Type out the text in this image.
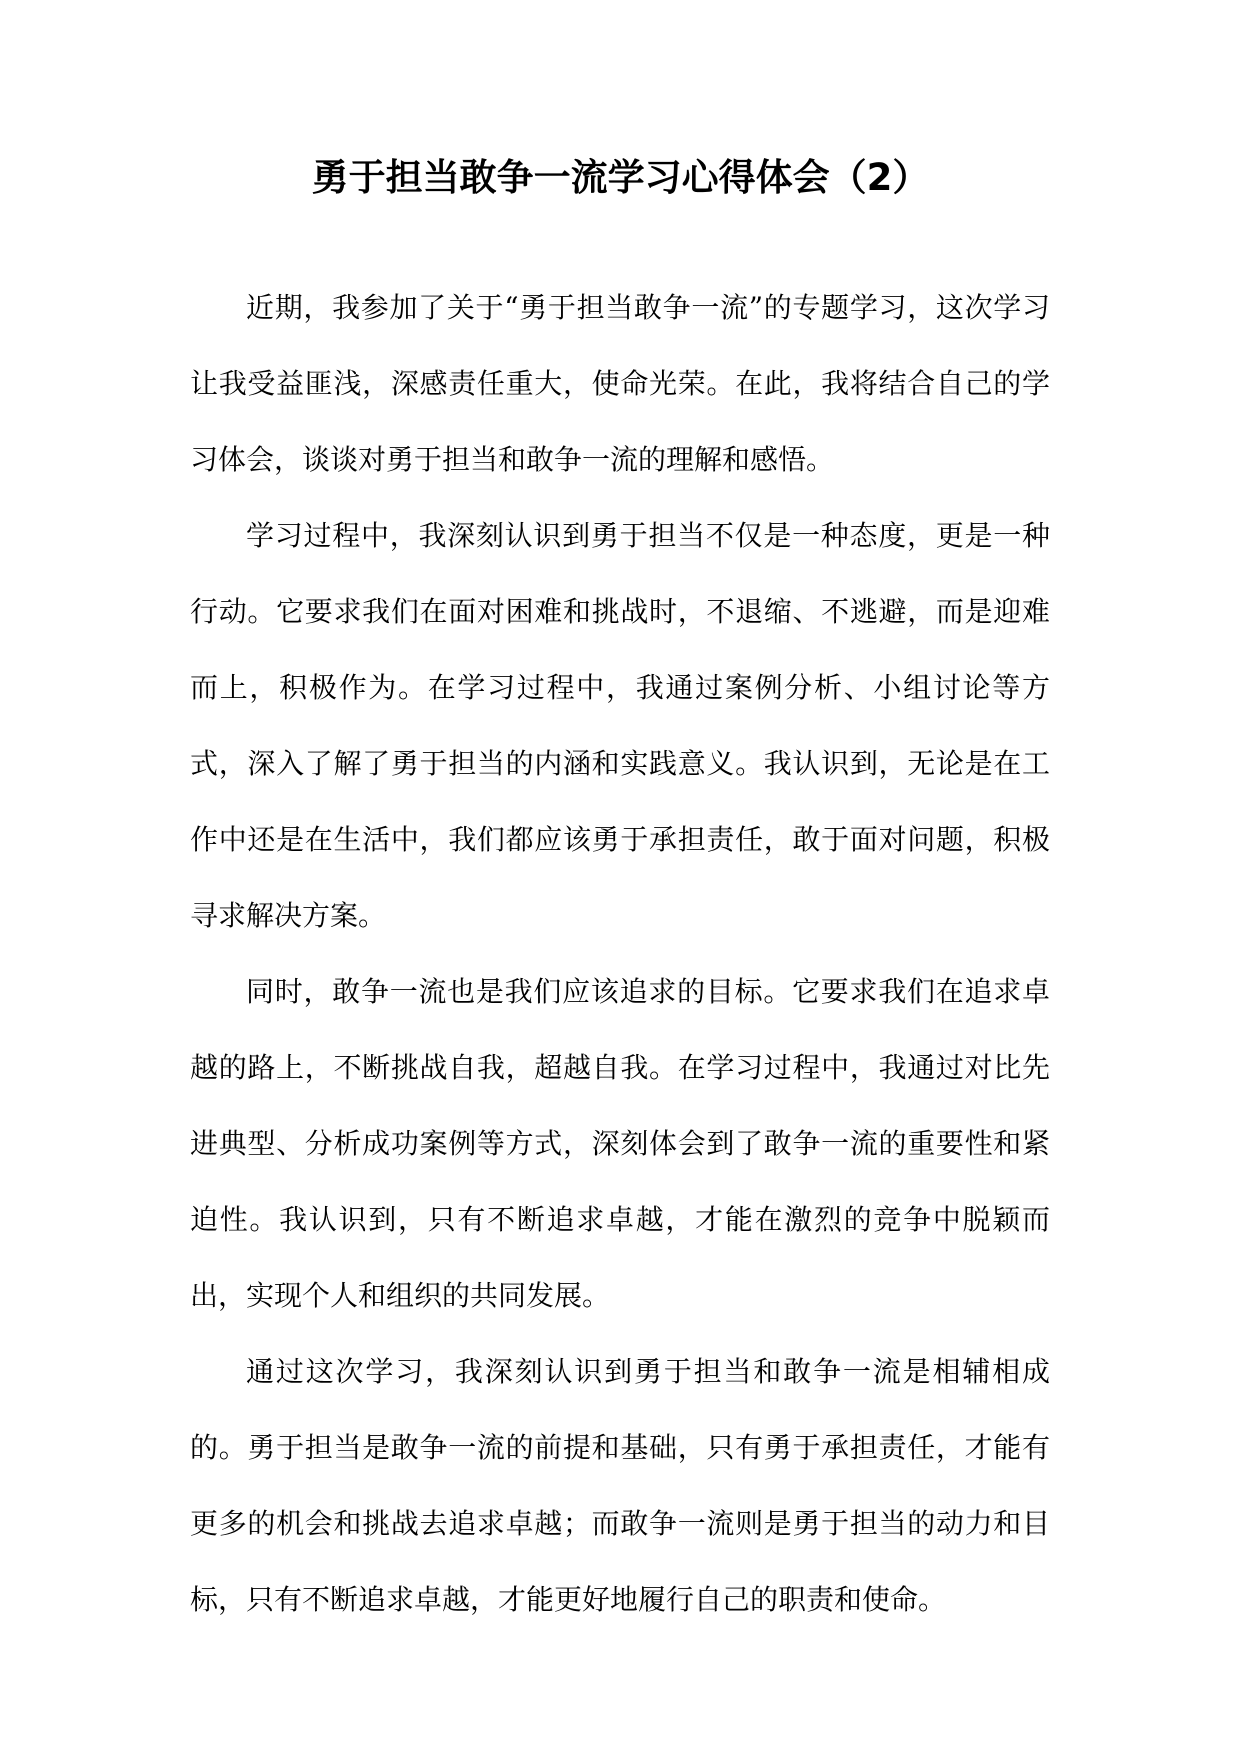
勇于担当敢争一流学习心得体会（2）

近期，我参加了关于“勇于担当敢争一流”的专题学习，这次学习让我受益匪浅，深感责任重大，使命光荣。在此，我将结合自己的学习体会，谈谈对勇于担当和敢争一流的理解和感悟。

学习过程中，我深刻认识到勇于担当不仅是一种态度，更是一种行动。它要求我们在面对困难和挑战时，不退缩、不逃避，而是迎难而上，积极作为。在学习过程中，我通过案例分析、小组讨论等方式，深入了解了勇于担当的内涵和实践意义。我认识到，无论是在工作中还是在生活中，我们都应该勇于承担责任，敢于面对问题，积极寻求解决方案。

同时，敢争一流也是我们应该追求的目标。它要求我们在追求卓越的路上，不断挑战自我，超越自我。在学习过程中，我通过对比先进典型、分析成功案例等方式，深刻体会到了敢争一流的重要性和紧迫性。我认识到，只有不断追求卓越，才能在激烈的竞争中脱颖而出，实现个人和组织的共同发展。

通过这次学习，我深刻认识到勇于担当和敢争一流是相辅相成的。勇于担当是敢争一流的前提和基础，只有勇于承担责任，才能有更多的机会和挑战去追求卓越；而敢争一流则是勇于担当的动力和目标，只有不断追求卓越，才能更好地履行自己的职责和使命。
